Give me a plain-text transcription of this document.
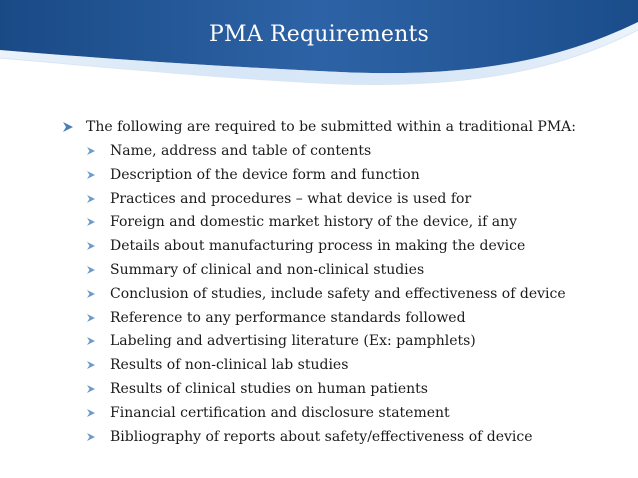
PMA Requirements
The following are required to be submitted within a traditional PMA:
Name, address and table of contents
Description of the device form and function
Practices and procedures – what device is used for
Foreign and domestic market history of the device, if any
Details about manufacturing process in making the device
Summary of clinical and non-clinical studies
Conclusion of studies, include safety and effectiveness of device
Reference to any performance standards followed
Labeling and advertising literature (Ex: pamphlets)
Results of non-clinical lab studies
Results of clinical studies on human patients
Financial certification and disclosure statement
Bibliography of reports about safety/effectiveness of device
